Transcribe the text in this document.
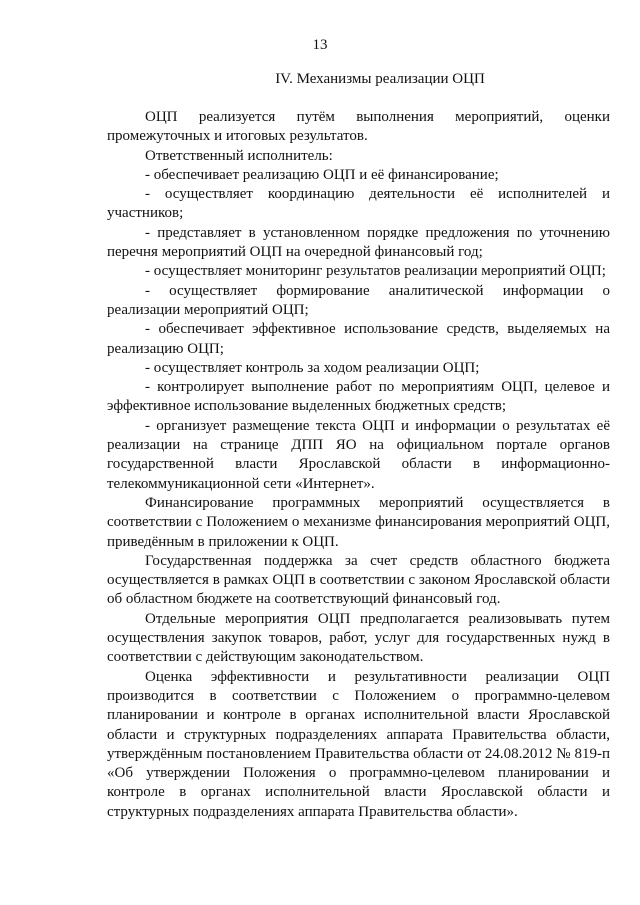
13
IV. Механизмы реализации ОЦП

ОЦП реализуется путём выполнения мероприятий, оценки промежуточных и итоговых результатов.

Ответственный исполнитель:

- обеспечивает реализацию ОЦП и её финансирование;

- осуществляет координацию деятельности её исполнителей и участников;

- представляет в установленном порядке предложения по уточнению перечня мероприятий ОЦП на очередной финансовый год;

- осуществляет мониторинг результатов реализации мероприятий ОЦП;

- осуществляет формирование аналитической информации о реализации мероприятий ОЦП;

- обеспечивает эффективное использование средств, выделяемых на реализацию ОЦП;

- осуществляет контроль за ходом реализации ОЦП;

- контролирует выполнение работ по мероприятиям ОЦП, целевое и эффективное использование выделенных бюджетных средств;

- организует размещение текста ОЦП и информации о результатах её реализации на странице ДПП ЯО на официальном портале органов государственной власти Ярославской области в информационно-телекоммуникационной сети «Интернет».

Финансирование программных мероприятий осуществляется в соответствии с Положением о механизме финансирования мероприятий ОЦП, приведённым в приложении к ОЦП.

Государственная поддержка за счет средств областного бюджета осуществляется в рамках ОЦП в соответствии с законом Ярославской области об областном бюджете на соответствующий финансовый год.

Отдельные мероприятия ОЦП предполагается реализовывать путем осуществления закупок товаров, работ, услуг для государственных нужд в соответствии с действующим законодательством.

Оценка эффективности и результативности реализации ОЦП производится в соответствии с Положением о программно-целевом планировании и контроле в органах исполнительной власти Ярославской области и структурных подразделениях аппарата Правительства области, утверждённым постановлением Правительства области от 24.08.2012 № 819-п «Об утверждении Положения о программно-целевом планировании и контроле в органах исполнительной власти Ярославской области и структурных подразделениях аппарата Правительства области».
